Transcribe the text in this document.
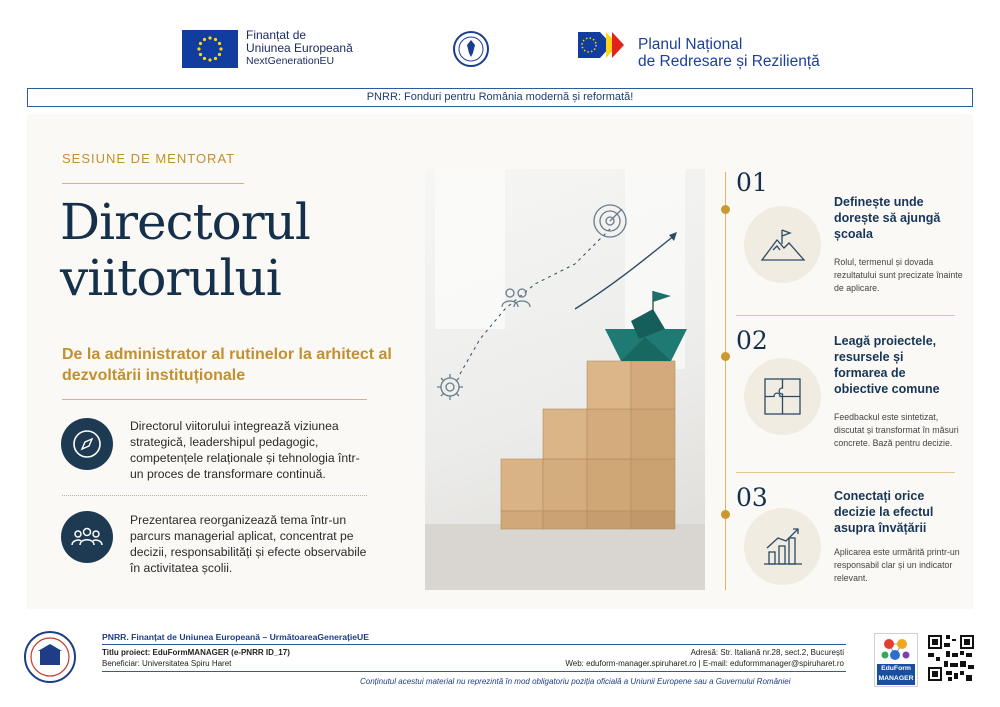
Finanțat de
Uniunea Europeană
NextGenerationEU
Planul Național
de Redresare și Reziliență
PNRR: Fonduri pentru România modernă și reformată!
SESIUNE DE MENTORAT
Directorul
viitorului
De la administrator al rutinelor la arhitect al dezvoltării instituționale
Directorul viitorului integrează viziunea strategică, leadershipul pedagogic, competențele relaționale și tehnologia într-un proces de transformare continuă.
Prezentarea reorganizează tema într-un parcurs managerial aplicat, concentrat pe decizii, responsabilități și efecte observabile în activitatea școlii.
01
Definește unde dorește să ajungă școala
Rolul, termenul și dovada rezultatului sunt precizate înainte de aplicare.
02	Leagă proiectele, resursele și formarea de obiective comune
Feedbackul este sintetizat, discutat și transformat în măsuri concrete. Bază pentru decizie.
03	Conectați orice decizie la efectul asupra învățării
Aplicarea este urmărită printr-un responsabil clar și un indicator relevant.
PNRR. Finanțat de Uniunea Europeană – UrmătoareaGenerațieUE
Titlu proiect: EduFormMANAGER (e-PNRR ID_17)
Beneficiar: Universitatea Spiru Haret
Adresă: Str. Italiană nr.28, sect.2, București
Web: eduform-manager.spiruharet.ro | E-mail: eduformmanager@spiruharet.ro
Conținutul acestui material nu reprezintă în mod obligatoriu poziția oficială a Uniunii Europene sau a Guvernului României
EduForm
MANAGER
